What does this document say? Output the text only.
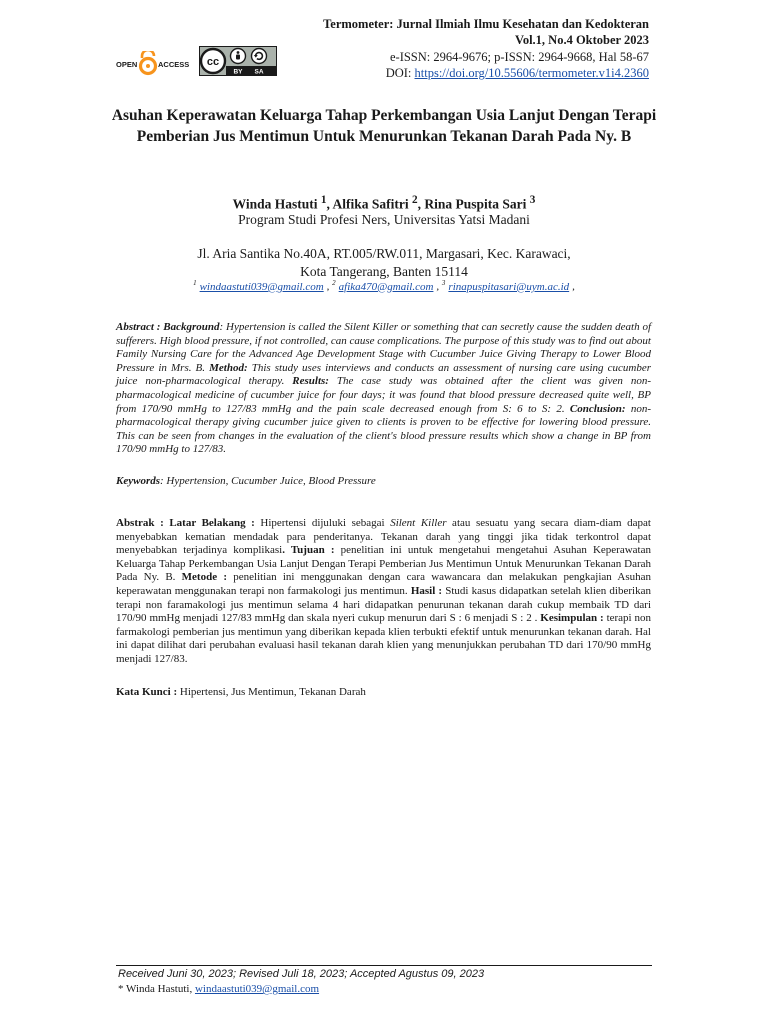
Termometer: Jurnal Ilmiah Ilmu Kesehatan dan Kedokteran
Vol.1, No.4 Oktober 2023
e-ISSN: 2964-9676; p-ISSN: 2964-9668, Hal 58-67
DOI: https://doi.org/10.55606/termometer.v1i4.2360
OPEN	ACCESS cc
BY SA
Asuhan Keperawatan Keluarga Tahap Perkembangan Usia Lanjut Dengan Terapi Pemberian Jus Mentimun Untuk Menurunkan Tekanan Darah Pada Ny. B
Winda Hastuti $^1$, Alfika Safitri $^2$, Rina Puspita Sari $^3$
Program Studi Profesi Ners, Universitas Yatsi Madani
Jl. Aria Santika No.40A, RT.005/RW.011, Margasari, Kec. Karawaci,
Kota Tangerang, Banten 15114
$^1$ windaastuti039@gmail.com , $^2$ afika470@gmail.com , $^3$ rinapuspitasari@uym.ac.id ,
Abstract : Background: Hypertension is called the Silent Killer or something that can secretly cause the sudden death of sufferers. High blood pressure, if not controlled, can cause complications. The purpose of this study was to find out about Family Nursing Care for the Advanced Age Development Stage with Cucumber Juice Giving Therapy to Lower Blood Pressure in Mrs. B. Method: This study uses interviews and conducts an assessment of nursing care using cucumber juice non-pharmacological therapy. Results: The case study was obtained after the client was given non-pharmacological medicine of cucumber juice for four days; it was found that blood pressure decreased quite well, BP from 170/90 mmHg to 127/83 mmHg and the pain scale decreased enough from S: 6 to S: 2. Conclusion: non-pharmacological therapy giving cucumber juice given to clients is proven to be effective for lowering blood pressure. This can be seen from changes in the evaluation of the client's blood pressure results which show a change in BP from 170/90 mmHg to 127/83.
Keywords: Hypertension, Cucumber Juice, Blood Pressure
Abstrak : Latar Belakang : Hipertensi dijuluki sebagai Silent Killer atau sesuatu yang secara diam-diam dapat menyebabkan kematian mendadak para penderitanya. Tekanan darah yang tinggi jika tidak terkontrol dapat menyebabkan terjadinya komplikasi. Tujuan : penelitian ini untuk mengetahui mengetahui Asuhan Keperawatan Keluarga Tahap Perkembangan Usia Lanjut Dengan Terapi Pemberian Jus Mentimun Untuk Menurunkan Tekanan Darah Pada Ny. B. Metode : penelitian ini menggunakan dengan cara wawancara dan melakukan pengkajian Asuhan keperawatan menggunakan terapi non farmakologi jus mentimun. Hasil : Studi kasus didapatkan setelah klien diberikan terapi non faramakologi jus mentimun selama 4 hari didapatkan penurunan tekanan darah cukup membaik TD dari 170/90 mmHg menjadi 127/83 mmHg dan skala nyeri cukup menurun dari S : 6 menjadi S : 2 . Kesimpulan : terapi non farmakologi pemberian jus mentimun yang diberikan kepada klien terbukti efektif untuk menurunkan tekanan darah. Hal ini dapat dilihat dari perubahan evaluasi hasil tekanan darah klien yang menunjukkan perubahan TD dari 170/90 mmHg menjadi 127/83.
Kata Kunci : Hipertensi, Jus Mentimun, Tekanan Darah
Received Juni 30, 2023; Revised Juli 18, 2023; Accepted Agustus 09, 2023
* Winda Hastuti, windaastuti039@gmail.com
